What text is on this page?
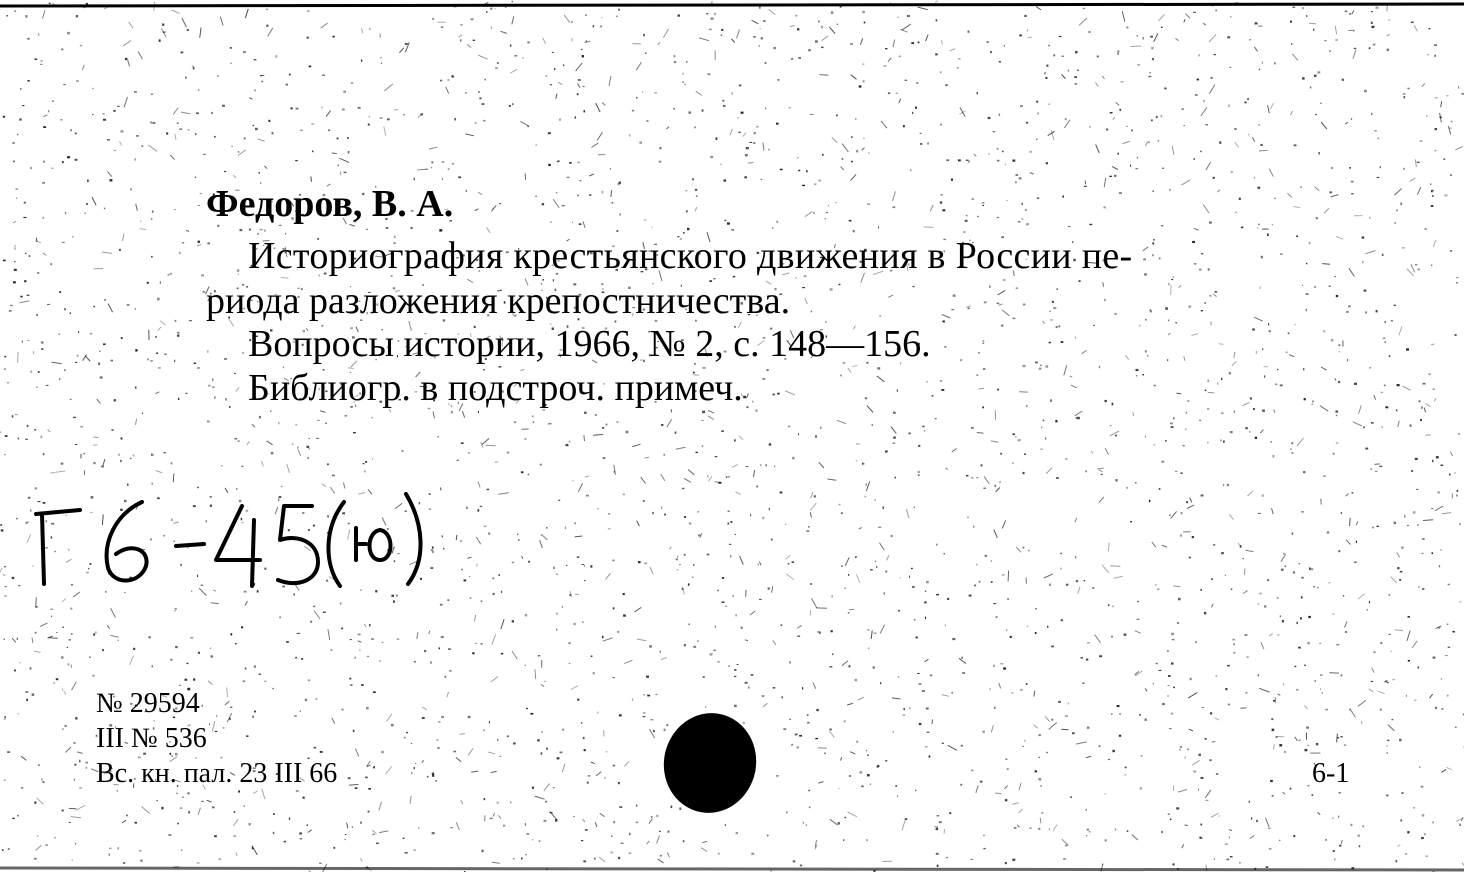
Федоров, В. А.
Историография крестьянского движения в России пе-
риода разложения крепостничества.
Вопросы истории, 1966, № 2, с. 148—156.
Библиогр. в подстроч. примеч.
№ 29594
III № 536
Вс. кн. пал. 23 III 66	6-1
